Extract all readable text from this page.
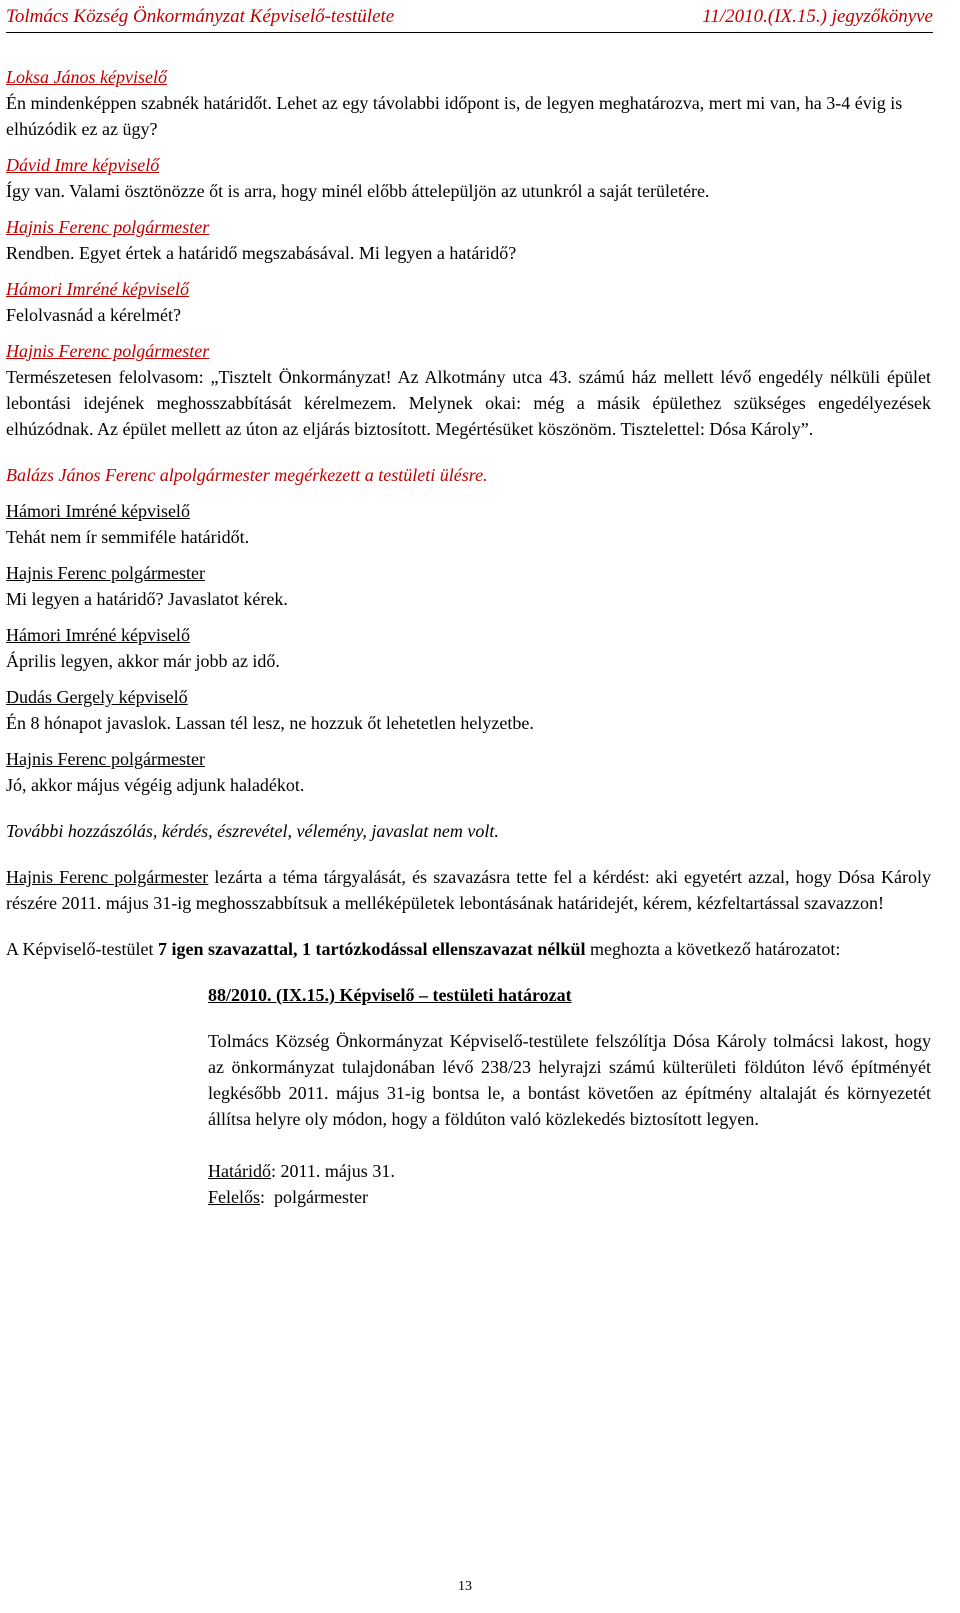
Tolmács Község Önkormányzat Képviselő-testülete	11/2010.(IX.15.) jegyzőkönyve
Loksa János képviselő
Én mindenképpen szabnék határidőt. Lehet az egy távolabbi időpont is, de legyen meghatározva, mert mi van, ha 3-4 évig is elhúzódik ez az ügy?
Dávid Imre képviselő
Így van. Valami ösztönözze őt is arra, hogy minél előbb áttelepüljön az utunkról a saját területére.
Hajnis Ferenc polgármester
Rendben. Egyet értek a határidő megszabásával. Mi legyen a határidő?
Hámori Imréné képviselő
Felolvasnád a kérelmét?
Hajnis Ferenc polgármester
Természetesen felolvasom: „Tisztelt Önkormányzat! Az Alkotmány utca 43. számú ház mellett lévő engedély nélküli épület lebontási idejének meghosszabbítását kérelmezem. Melynek okai: még a másik épülethez szükséges engedélyezések elhúzódnak. Az épület mellett az úton az eljárás biztosított. Megértésüket köszönöm. Tisztelettel: Dósa Károly”.
Balázs János Ferenc alpolgármester megérkezett a testületi ülésre.
Hámori Imréné képviselő
Tehát nem ír semmiféle határidőt.
Hajnis Ferenc polgármester
Mi legyen a határidő? Javaslatot kérek.
Hámori Imréné képviselő
Április legyen, akkor már jobb az idő.
Dudás Gergely képviselő
Én 8 hónapot javaslok. Lassan tél lesz, ne hozzuk őt lehetetlen helyzetbe.
Hajnis Ferenc polgármester
Jó, akkor május végéig adjunk haladékot.
További hozzászólás, kérdés, észrevétel, vélemény, javaslat nem volt.
Hajnis Ferenc polgármester lezárta a téma tárgyalását, és szavazásra tette fel a kérdést: aki egyetért azzal, hogy Dósa Károly részére 2011. május 31-ig meghosszabbítsuk a melléképületek lebontásának határidejét, kérem, kézfeltartással szavazzon!
A Képviselő-testület 7 igen szavazattal, 1 tartózkodással ellenszavazat nélkül meghozta a következő határozatot:
88/2010. (IX.15.) Képviselő – testületi határozat
Tolmács Község Önkormányzat Képviselő-testülete felszólítja Dósa Károly tolmácsi lakost, hogy az önkormányzat tulajdonában lévő 238/23 helyrajzi számú külterületi földúton lévő építményét legkésőbb 2011. május 31-ig bontsa le, a bontást követően az építmény altalaját és környezetét állítsa helyre oly módon, hogy a földúton való közlekedés biztosított legyen.
Határidő: 2011. május 31.
Felelős:  polgármester
13
